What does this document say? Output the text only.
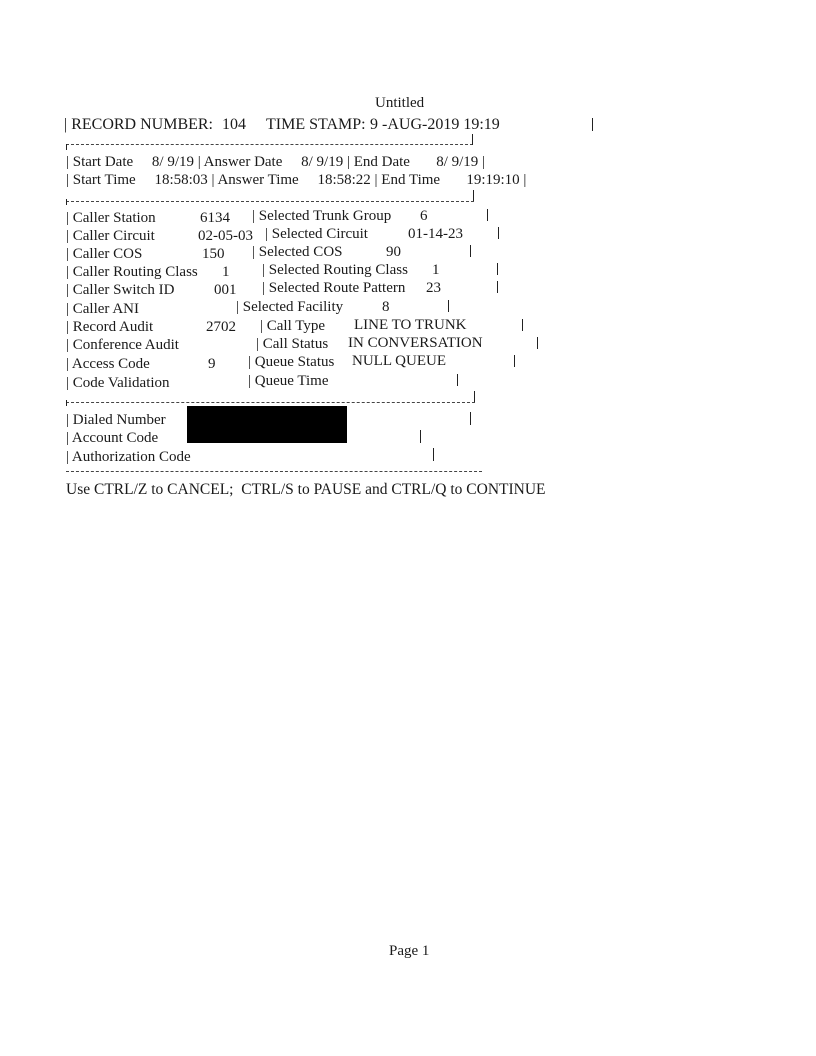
Untitled
| RECORD NUMBER: 104 TIME STAMP: 9 -AUG-2019 19:19
| Start Date     8/ 9/19 | Answer Date     8/ 9/19 | End Date       8/ 9/19 |
| Start Time     18:58:03 | Answer Time     18:58:22 | End Time       19:19:10 |
| Caller Station	6134 | Selected Trunk Group 6
| Caller Circuit	02-05-03 | Selected Circuit	01-14-23
| Caller COS	150 | Selected COS	90
| Caller Routing Class 1 | Selected Routing Class 1
| Caller Switch ID	001 | Selected Route Pattern 23
| Caller ANI	| Selected Facility	8
| Record Audit	2702 | Call Type LINE TO TRUNK
| Conference Audit	| Call Status IN CONVERSATION
| Access Code	9 | Queue Status NULL QUEUE
| Code Validation	| Queue Time
| Dialed Number
| Account Code
| Authorization Code
Use CTRL/Z to CANCEL;  CTRL/S to PAUSE and CTRL/Q to CONTINUE
Page 1
